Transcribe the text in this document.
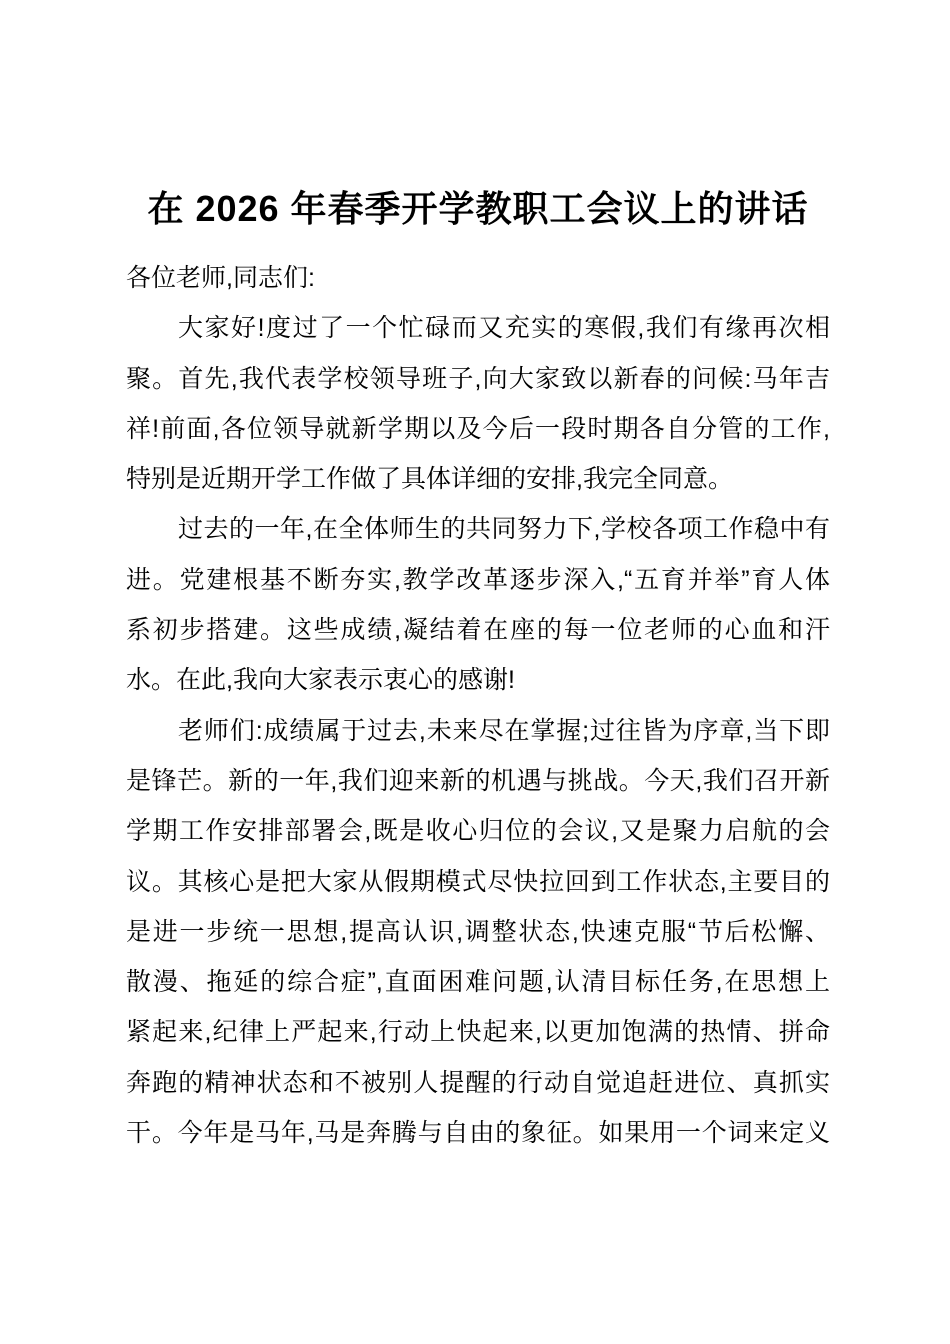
在 2026 年春季开学教职工会议上的讲话
各位老师,同志们:
大家好!度过了一个忙碌而又充实的寒假,我们有缘再次相
聚。首先,我代表学校领导班子,向大家致以新春的问候:马年吉
祥!前面,各位领导就新学期以及今后一段时期各自分管的工作,
特别是近期开学工作做了具体详细的安排,我完全同意。
过去的一年,在全体师生的共同努力下,学校各项工作稳中有
进。党建根基不断夯实,教学改革逐步深入,“五育并举”育人体
系初步搭建。这些成绩,凝结着在座的每一位老师的心血和汗
水。在此,我向大家表示衷心的感谢!
老师们:成绩属于过去,未来尽在掌握;过往皆为序章,当下即
是锋芒。新的一年,我们迎来新的机遇与挑战。今天,我们召开新
学期工作安排部署会,既是收心归位的会议,又是聚力启航的会
议。其核心是把大家从假期模式尽快拉回到工作状态,主要目的
是进一步统一思想,提高认识,调整状态,快速克服“节后松懈、
散漫、拖延的综合症”,直面困难问题,认清目标任务,在思想上
紧起来,纪律上严起来,行动上快起来,以更加饱满的热情、拼命
奔跑的精神状态和不被别人提醒的行动自觉追赶进位、真抓实
干。今年是马年,马是奔腾与自由的象征。如果用一个词来定义
